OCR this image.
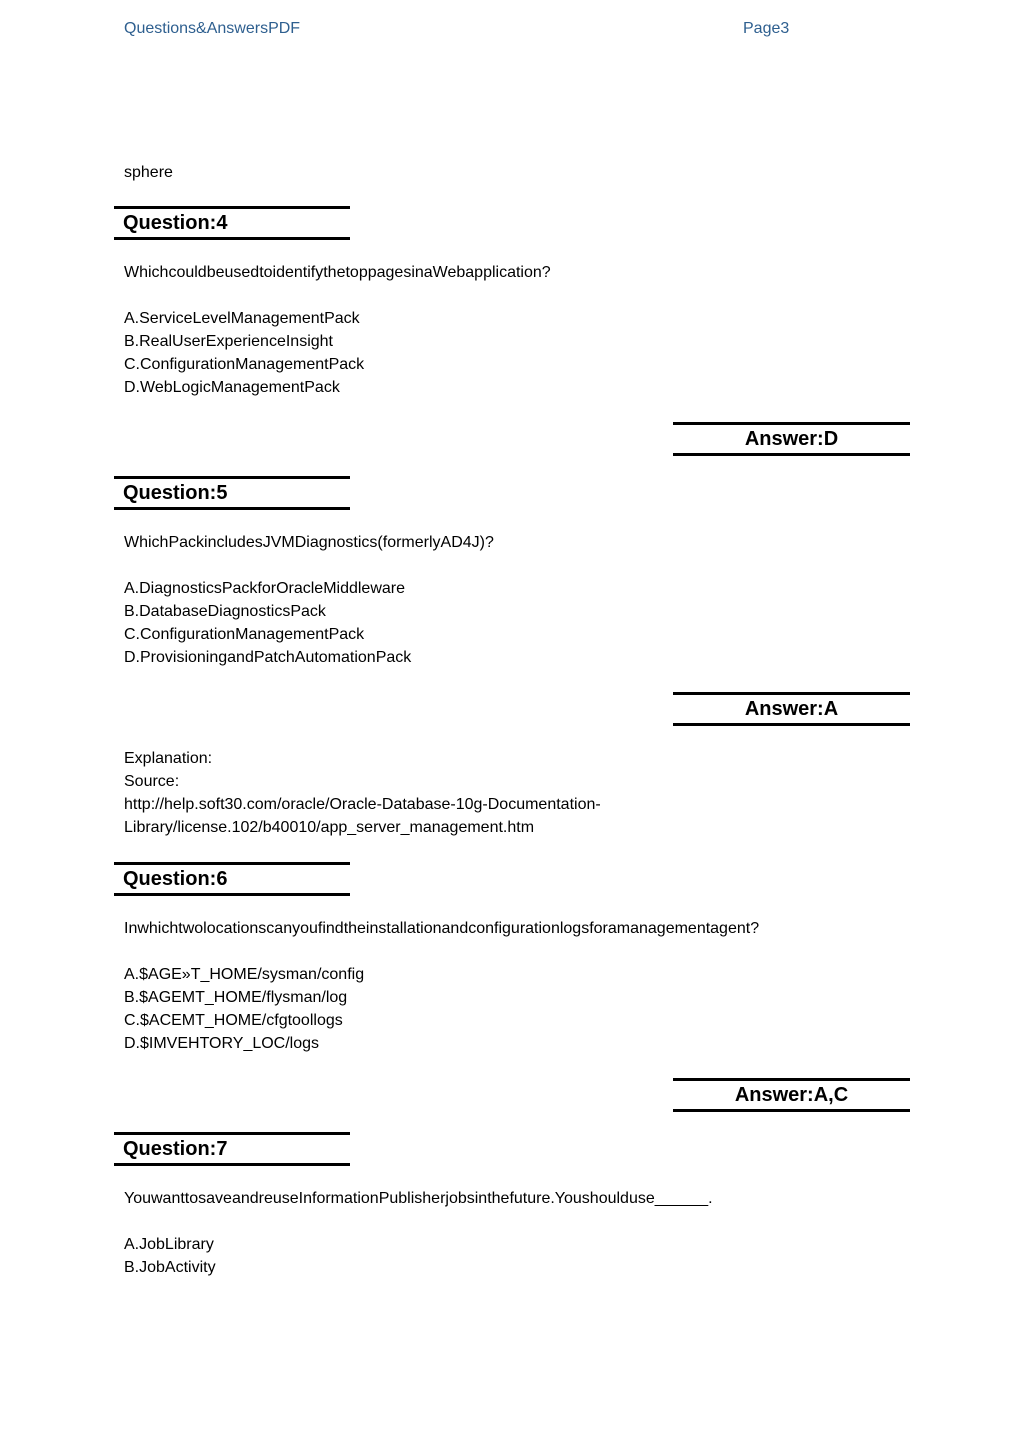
Questions&AnswersPDF	Page3
sphere
Question:4
WhichcouldbeusedtoidentifythetoppagesinaWebapplication?
A.ServiceLevelManagementPack
B.RealUserExperienceInsight
C.ConfigurationManagementPack
D.WebLogicManagementPack
Answer:D
Question:5
WhichPackincludesJVMDiagnostics(formerlyAD4J)?
A.DiagnosticsPackforOracleMiddleware
B.DatabaseDiagnosticsPack
C.ConfigurationManagementPack
D.ProvisioningandPatchAutomationPack
Answer:A
Explanation:
Source:
http://help.soft30.com/oracle/Oracle-Database-10g-Documentation-
Library/license.102/b40010/app_server_management.htm
Question:6
Inwhichtwolocationscanyoufindtheinstallationandconfigurationlogsforamanagementagent?
A.$AGE»T_HOME/sysman/config
B.$AGEMT_HOME/flysman/log
C.$ACEMT_HOME/cfgtoollogs
D.$IMVEHTORY_LOC/logs
Answer:A,C
Question:7
YouwanttosaveandreuseInformationPublisherjobsinthefuture.Youshoulduse______.
A.JobLibrary
B.JobActivity
